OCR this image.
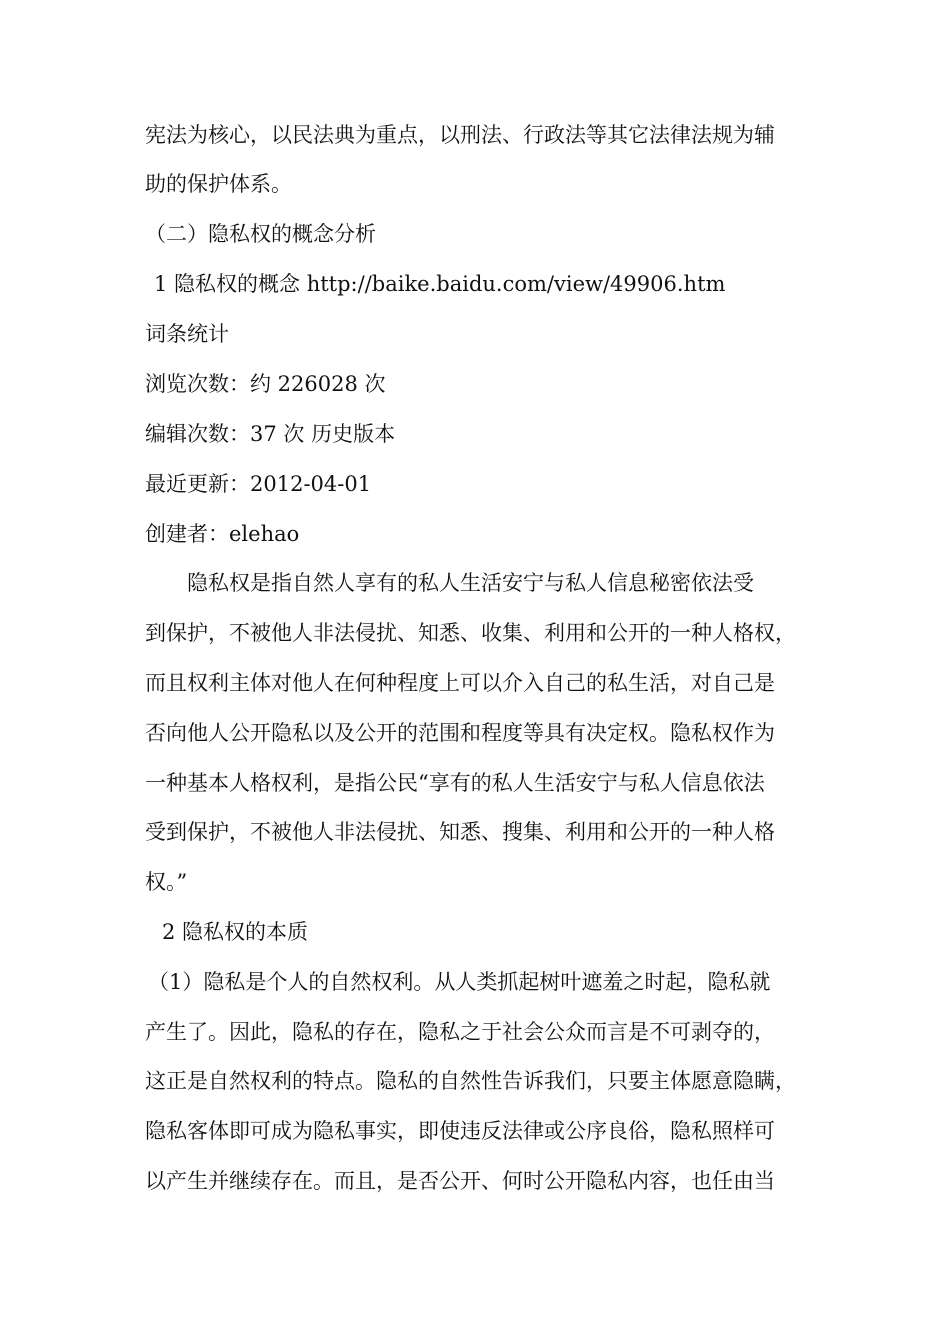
宪法为核心，以民法典为重点，以刑法、行政法等其它法律法规为辅
助的保护体系。
（二）隐私权的概念分析
1 隐私权的概念 http://baike.baidu.com/view/49906.htm
词条统计
浏览次数：约 226028 次
编辑次数：37 次 历史版本
最近更新：2012-04-01
创建者：elehao
隐私权是指自然人享有的私人生活安宁与私人信息秘密依法受
到保护，不被他人非法侵扰、知悉、收集、利用和公开的一种人格权，
而且权利主体对他人在何种程度上可以介入自己的私生活，对自己是
否向他人公开隐私以及公开的范围和程度等具有决定权。隐私权作为
一种基本人格权利，是指公民“享有的私人生活安宁与私人信息依法
受到保护，不被他人非法侵扰、知悉、搜集、利用和公开的一种人格
权。”
2 隐私权的本质
（1）隐私是个人的自然权利。从人类抓起树叶遮羞之时起，隐私就
产生了。因此，隐私的存在，隐私之于社会公众而言是不可剥夺的，
这正是自然权利的特点。隐私的自然性告诉我们，只要主体愿意隐瞒，
隐私客体即可成为隐私事实，即使违反法律或公序良俗，隐私照样可
以产生并继续存在。而且，是否公开、何时公开隐私内容，也任由当
